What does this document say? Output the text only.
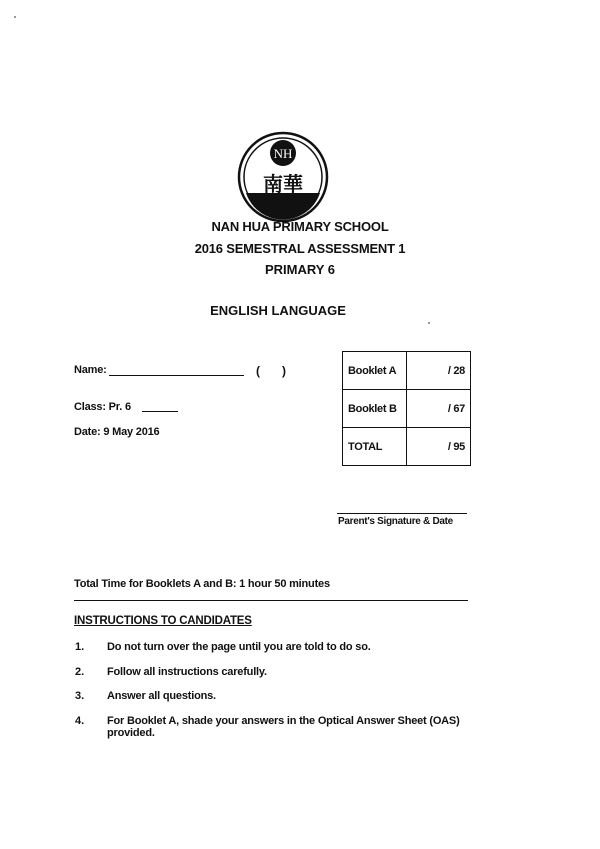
NH
南華
NAN HUA PRIMARY SCHOOL
2016 SEMESTRAL ASSESSMENT 1
PRIMARY 6
ENGLISH LANGUAGE
Name:	( )
Class: Pr. 6
Date: 9 May 2016
Booklet A	/ 28
Booklet B	/ 67
TOTAL	/ 95
Parent's Signature & Date
Total Time for Booklets A and B: 1 hour 50 minutes
INSTRUCTIONS TO CANDIDATES
1. Do not turn over the page until you are told to do so.
2. Follow all instructions carefully.
3. Answer all questions.
4. For Booklet A, shade your answers in the Optical Answer Sheet (OAS) provided.
